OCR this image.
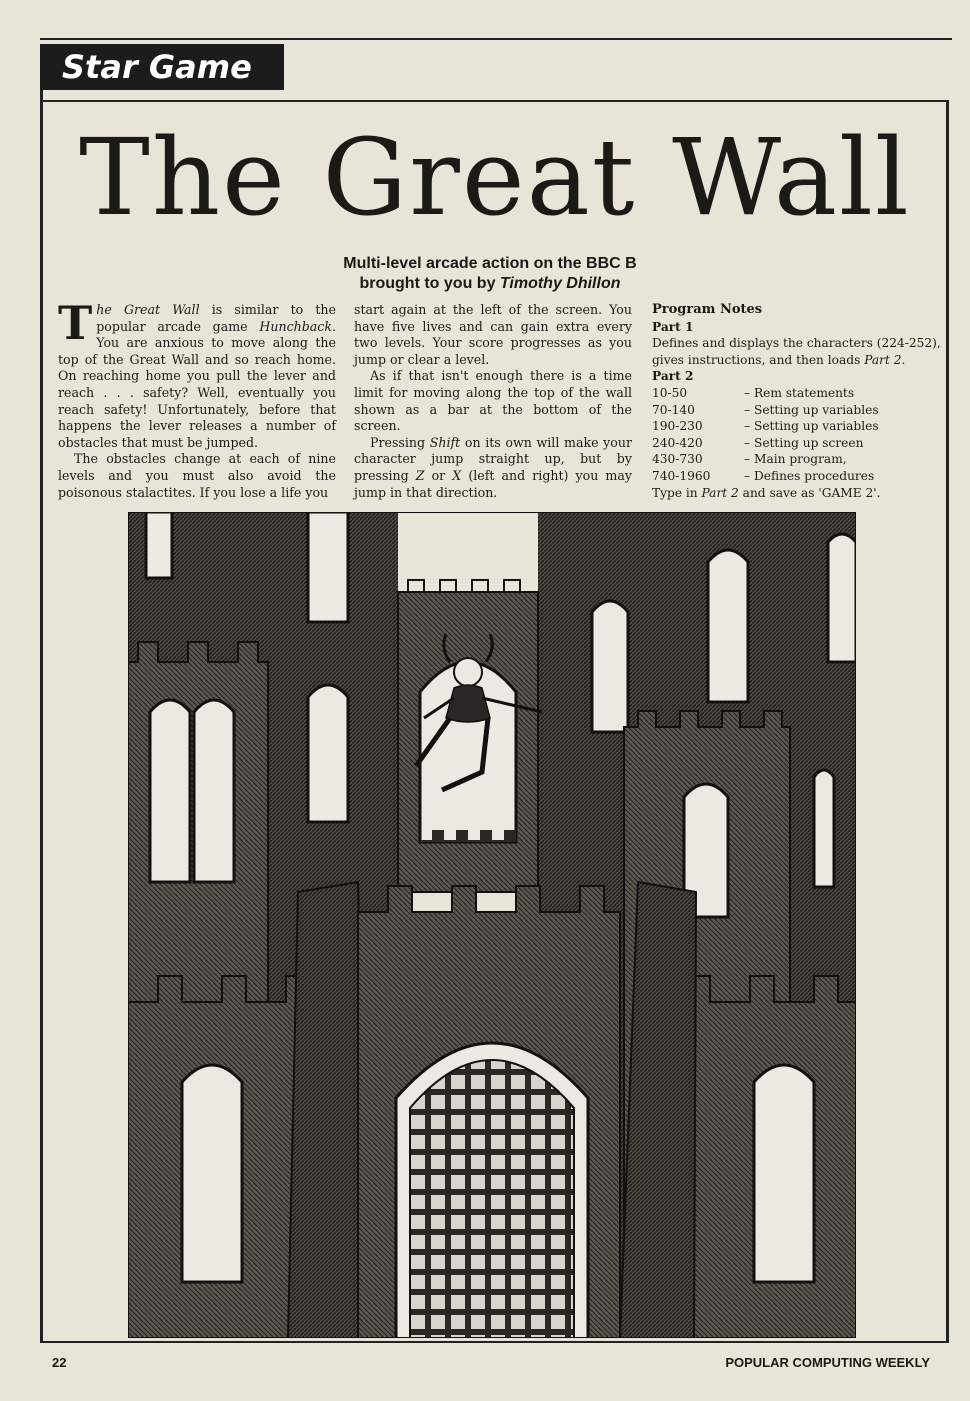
Star Game
The Great Wall
Multi-level arcade action on the BBC B
brought to you by Timothy Dhillon

The Great Wall is similar to the popular arcade game Hunchback. You are anxious to move along the top of the Great Wall and so reach home. On reaching home you pull the lever and reach . . . safety? Well, eventually you reach safety! Unfortunately, before that happens the lever releases a number of obstacles that must be jumped.

The obstacles change at each of nine levels and you must also avoid the poisonous stalactites. If you lose a life you

start again at the left of the screen. You have five lives and can gain extra every two levels. Your score progresses as you jump or clear a level.

As if that isn't enough there is a time limit for moving along the top of the wall shown as a bar at the bottom of the screen.

Pressing Shift on its own will make your character jump straight up, but by pressing Z or X (left and right) you may jump in that direction.

Program Notes
Part 1
Defines and displays the characters (224-252), gives instructions, and then loads Part 2.
Part 2
10-50	– Rem statements
70-140	– Setting up variables
190-230	– Setting up variables
240-420	– Setting up screen
430-730	– Main program,
740-1960	– Defines procedures
Type in Part 2 and save as 'GAME 2'.
22	POPULAR COMPUTING WEEKLY
